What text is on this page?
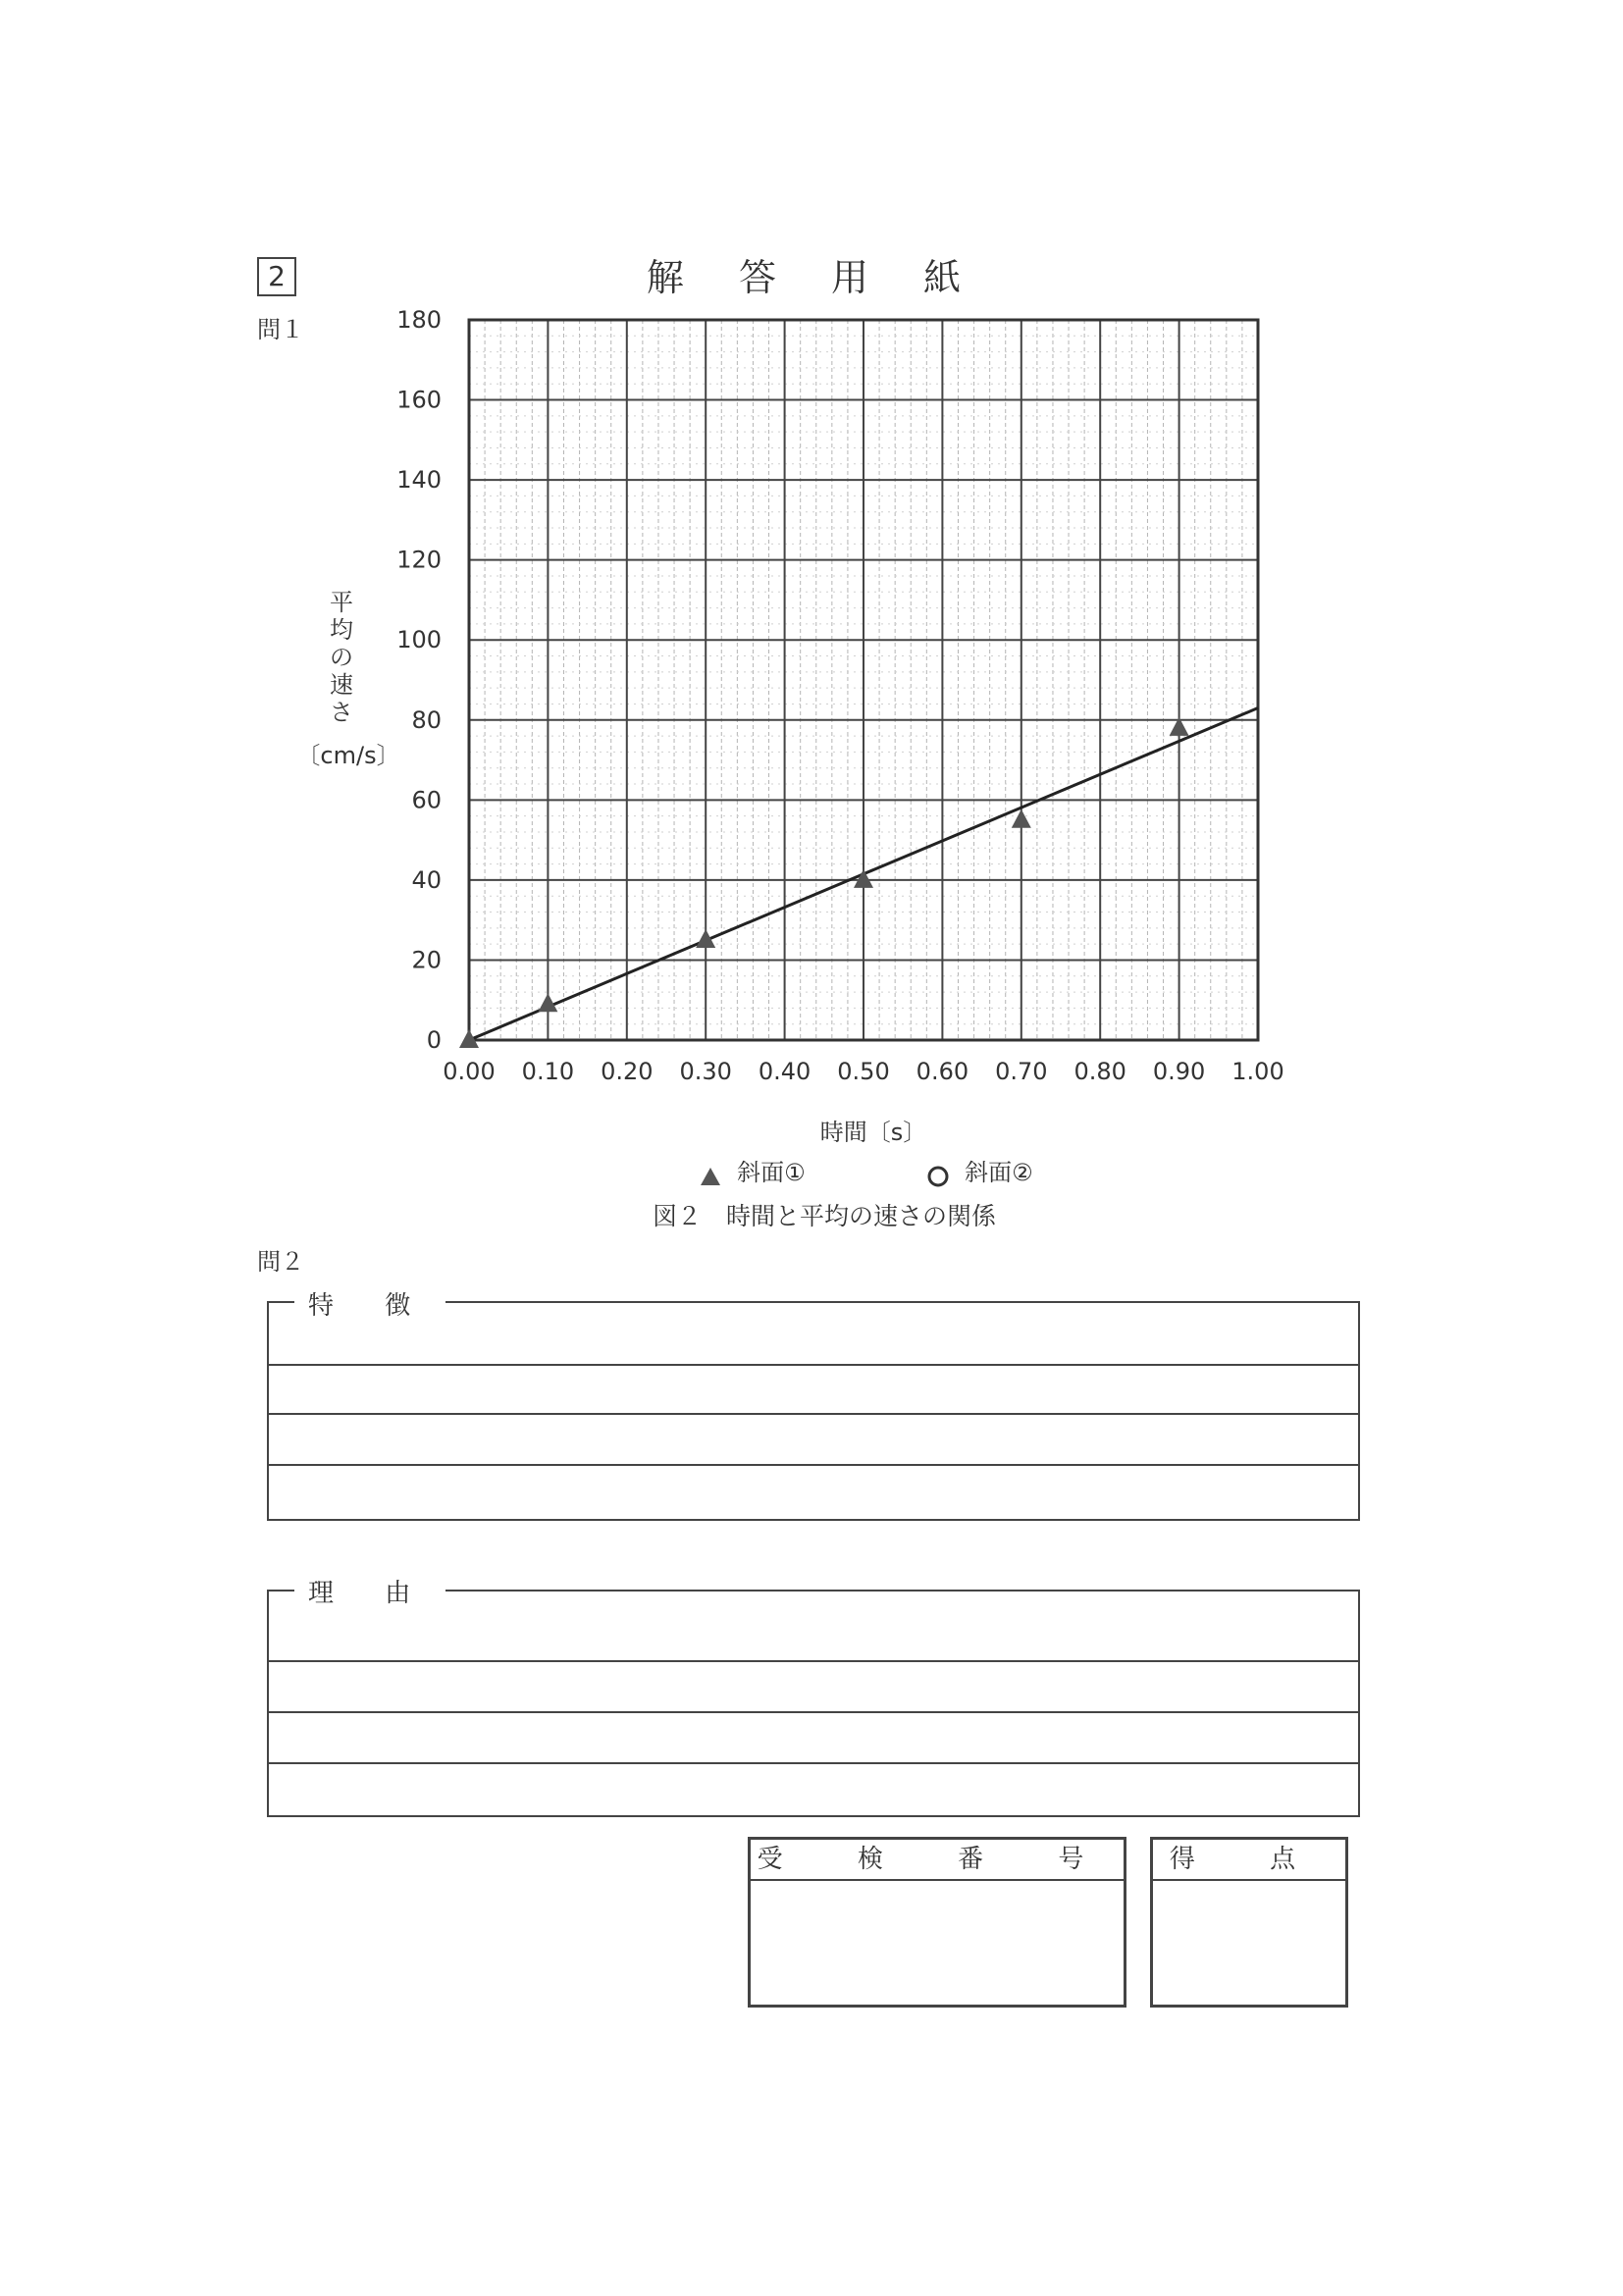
2	解 答 用 紙
問１
平均の速さ
〔cm/s〕
0.00 0.10 0.20 0.30 0.40 0.50 0.60 0.70 0.80 0.90 1.00
0
20
40
60
80
100
120
140
160
180
時間〔s〕
斜面①	斜面②
図２　時間と平均の速さの関係
問２
特 徴
理 由
受 検 番 号	得 点
